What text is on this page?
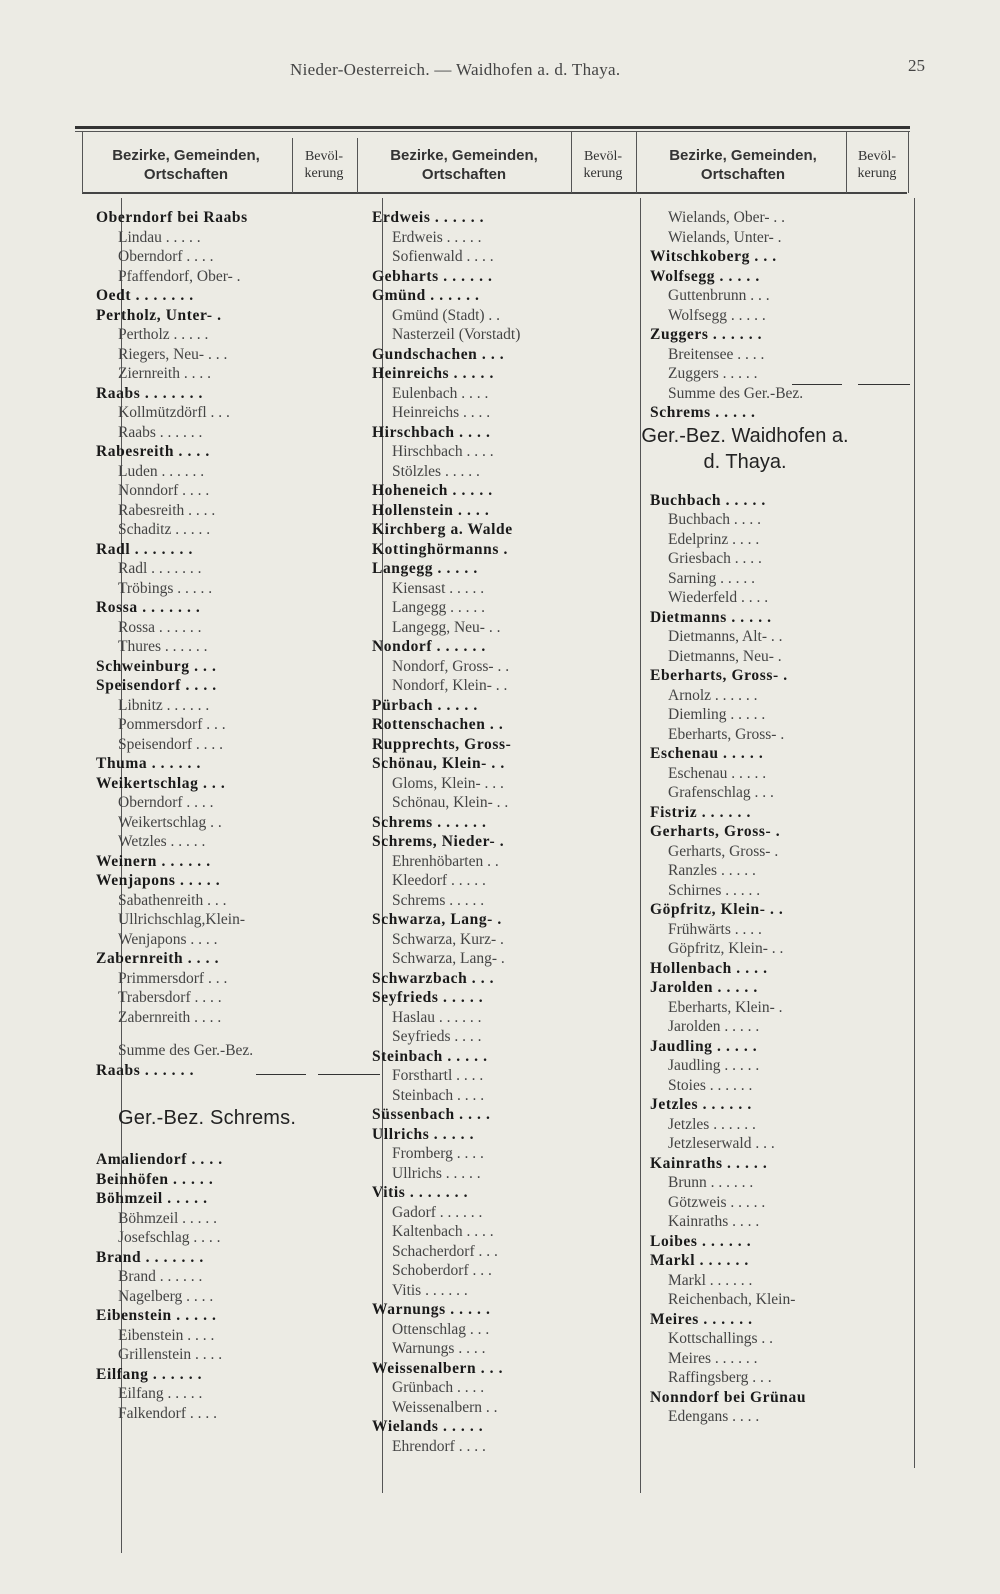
Nieder-Oesterreich. — Waidhofen a. d. Thaya.	25
Bezirke, Gemeinden,
Ortschaften
Bevöl-
kerung
Bezirke, Gemeinden,
Ortschaften
Bevöl-
kerung
Bezirke, Gemeinden,
Ortschaften
Bevöl-
kerung
Oberndorf bei Raabs
Lindau . . . . .
Oberndorf . . . .
Pfaffendorf, Ober- .
Oedt . . . . . . .
Pertholz, Unter- .
Pertholz . . . . .
Riegers, Neu- . . .
Ziernreith . . . .
Raabs . . . . . . .
Kollmützdörfl . . .
Raabs . . . . . .
Rabesreith . . . .
Luden . . . . . .
Nonndorf . . . .
Rabesreith . . . .
Schaditz . . . . .
Radl . . . . . . .
Radl . . . . . . .
Tröbings . . . . .
Rossa . . . . . . .
Rossa . . . . . .
Thures . . . . . .
Schweinburg . . .
Speisendorf . . . .
Libnitz . . . . . .
Pommersdorf . . .
Speisendorf . . . .
Thuma . . . . . .
Weikertschlag . . .
Oberndorf . . . .
Weikertschlag . .
Wetzles . . . . .
Weinern . . . . . .
Wenjapons . . . . .
Sabathenreith . . .
Ullrichschlag,Klein-
Wenjapons . . . .
Zabernreith . . . .
Primmersdorf . . .
Trabersdorf . . . .
Zabernreith . . . .
Summe des Ger.-Bez.
Raabs . . . . . .
Ger.-Bez. Schrems.
Amaliendorf . . . .
Beinhöfen . . . . .
Böhmzeil . . . . .
Böhmzeil . . . . .
Josefschlag . . . .
Brand . . . . . . .
Brand . . . . . .
Nagelberg . . . .
Eibenstein . . . . .
Eibenstein . . . .
Grillenstein . . . .
Eilfang . . . . . .
Eilfang . . . . .
Falkendorf . . . .
Erdweis . . . . . .
Erdweis . . . . .
Sofienwald . . . .
Gebharts . . . . . .
Gmünd . . . . . .
Gmünd (Stadt) . .
Nasterzeil (Vorstadt)
Gundschachen . . .
Heinreichs . . . . .
Eulenbach . . . .
Heinreichs . . . .
Hirschbach . . . .
Hirschbach . . . .
Stölzles . . . . .
Hoheneich . . . . .
Hollenstein . . . .
Kirchberg a. Walde
Kottinghörmanns .
Langegg . . . . .
Kiensast . . . . .
Langegg . . . . .
Langegg, Neu- . .
Nondorf . . . . . .
Nondorf, Gross- . .
Nondorf, Klein- . .
Pürbach . . . . .
Rottenschachen . .
Rupprechts, Gross-
Schönau, Klein- . .
Gloms, Klein- . . .
Schönau, Klein- . .
Schrems . . . . . .
Schrems, Nieder- .
Ehrenhöbarten . .
Kleedorf . . . . .
Schrems . . . . .
Schwarza, Lang- .
Schwarza, Kurz- .
Schwarza, Lang- .
Schwarzbach . . .
Seyfrieds . . . . .
Haslau . . . . . .
Seyfrieds . . . .
Steinbach . . . . .
Forsthartl . . . .
Steinbach . . . .
Süssenbach . . . .
Ullrichs . . . . .
Fromberg . . . .
Ullrichs . . . . .
Vitis . . . . . . .
Gadorf . . . . . .
Kaltenbach . . . .
Schacherdorf . . .
Schoberdorf . . .
Vitis . . . . . .
Warnungs . . . . .
Ottenschlag . . .
Warnungs . . . .
Weissenalbern . . .
Grünbach . . . .
Weissenalbern . .
Wielands . . . . .
Ehrendorf . . . .
Wielands, Ober- . .
Wielands, Unter- .
Witschkoberg . . .
Wolfsegg . . . . .
Guttenbrunn . . .
Wolfsegg . . . . .
Zuggers . . . . . .
Breitensee . . . .
Zuggers . . . . .
Summe des Ger.-Bez.
Schrems . . . . .
Ger.-Bez. Waidhofen a. d. Thaya.
Buchbach . . . . .
Buchbach . . . .
Edelprinz . . . .
Griesbach . . . .
Sarning . . . . .
Wiederfeld . . . .
Dietmanns . . . . .
Dietmanns, Alt- . .
Dietmanns, Neu- .
Eberharts, Gross- .
Arnolz . . . . . .
Diemling . . . . .
Eberharts, Gross- .
Eschenau . . . . .
Eschenau . . . . .
Grafenschlag . . .
Fistriz . . . . . .
Gerharts, Gross- .
Gerharts, Gross- .
Ranzles . . . . .
Schirnes . . . . .
Göpfritz, Klein- . .
Frühwärts . . . .
Göpfritz, Klein- . .
Hollenbach . . . .
Jarolden . . . . .
Eberharts, Klein- .
Jarolden . . . . .
Jaudling . . . . .
Jaudling . . . . .
Stoies . . . . . .
Jetzles . . . . . .
Jetzles . . . . . .
Jetzleserwald . . .
Kainraths . . . . .
Brunn . . . . . .
Götzweis . . . . .
Kainraths . . . .
Loibes . . . . . .
Markl . . . . . .
Markl . . . . . .
Reichenbach, Klein-
Meires . . . . . .
Kottschallings . .
Meires . . . . . .
Raffingsberg . . .
Nonndorf bei Grünau
Edengans . . . .
